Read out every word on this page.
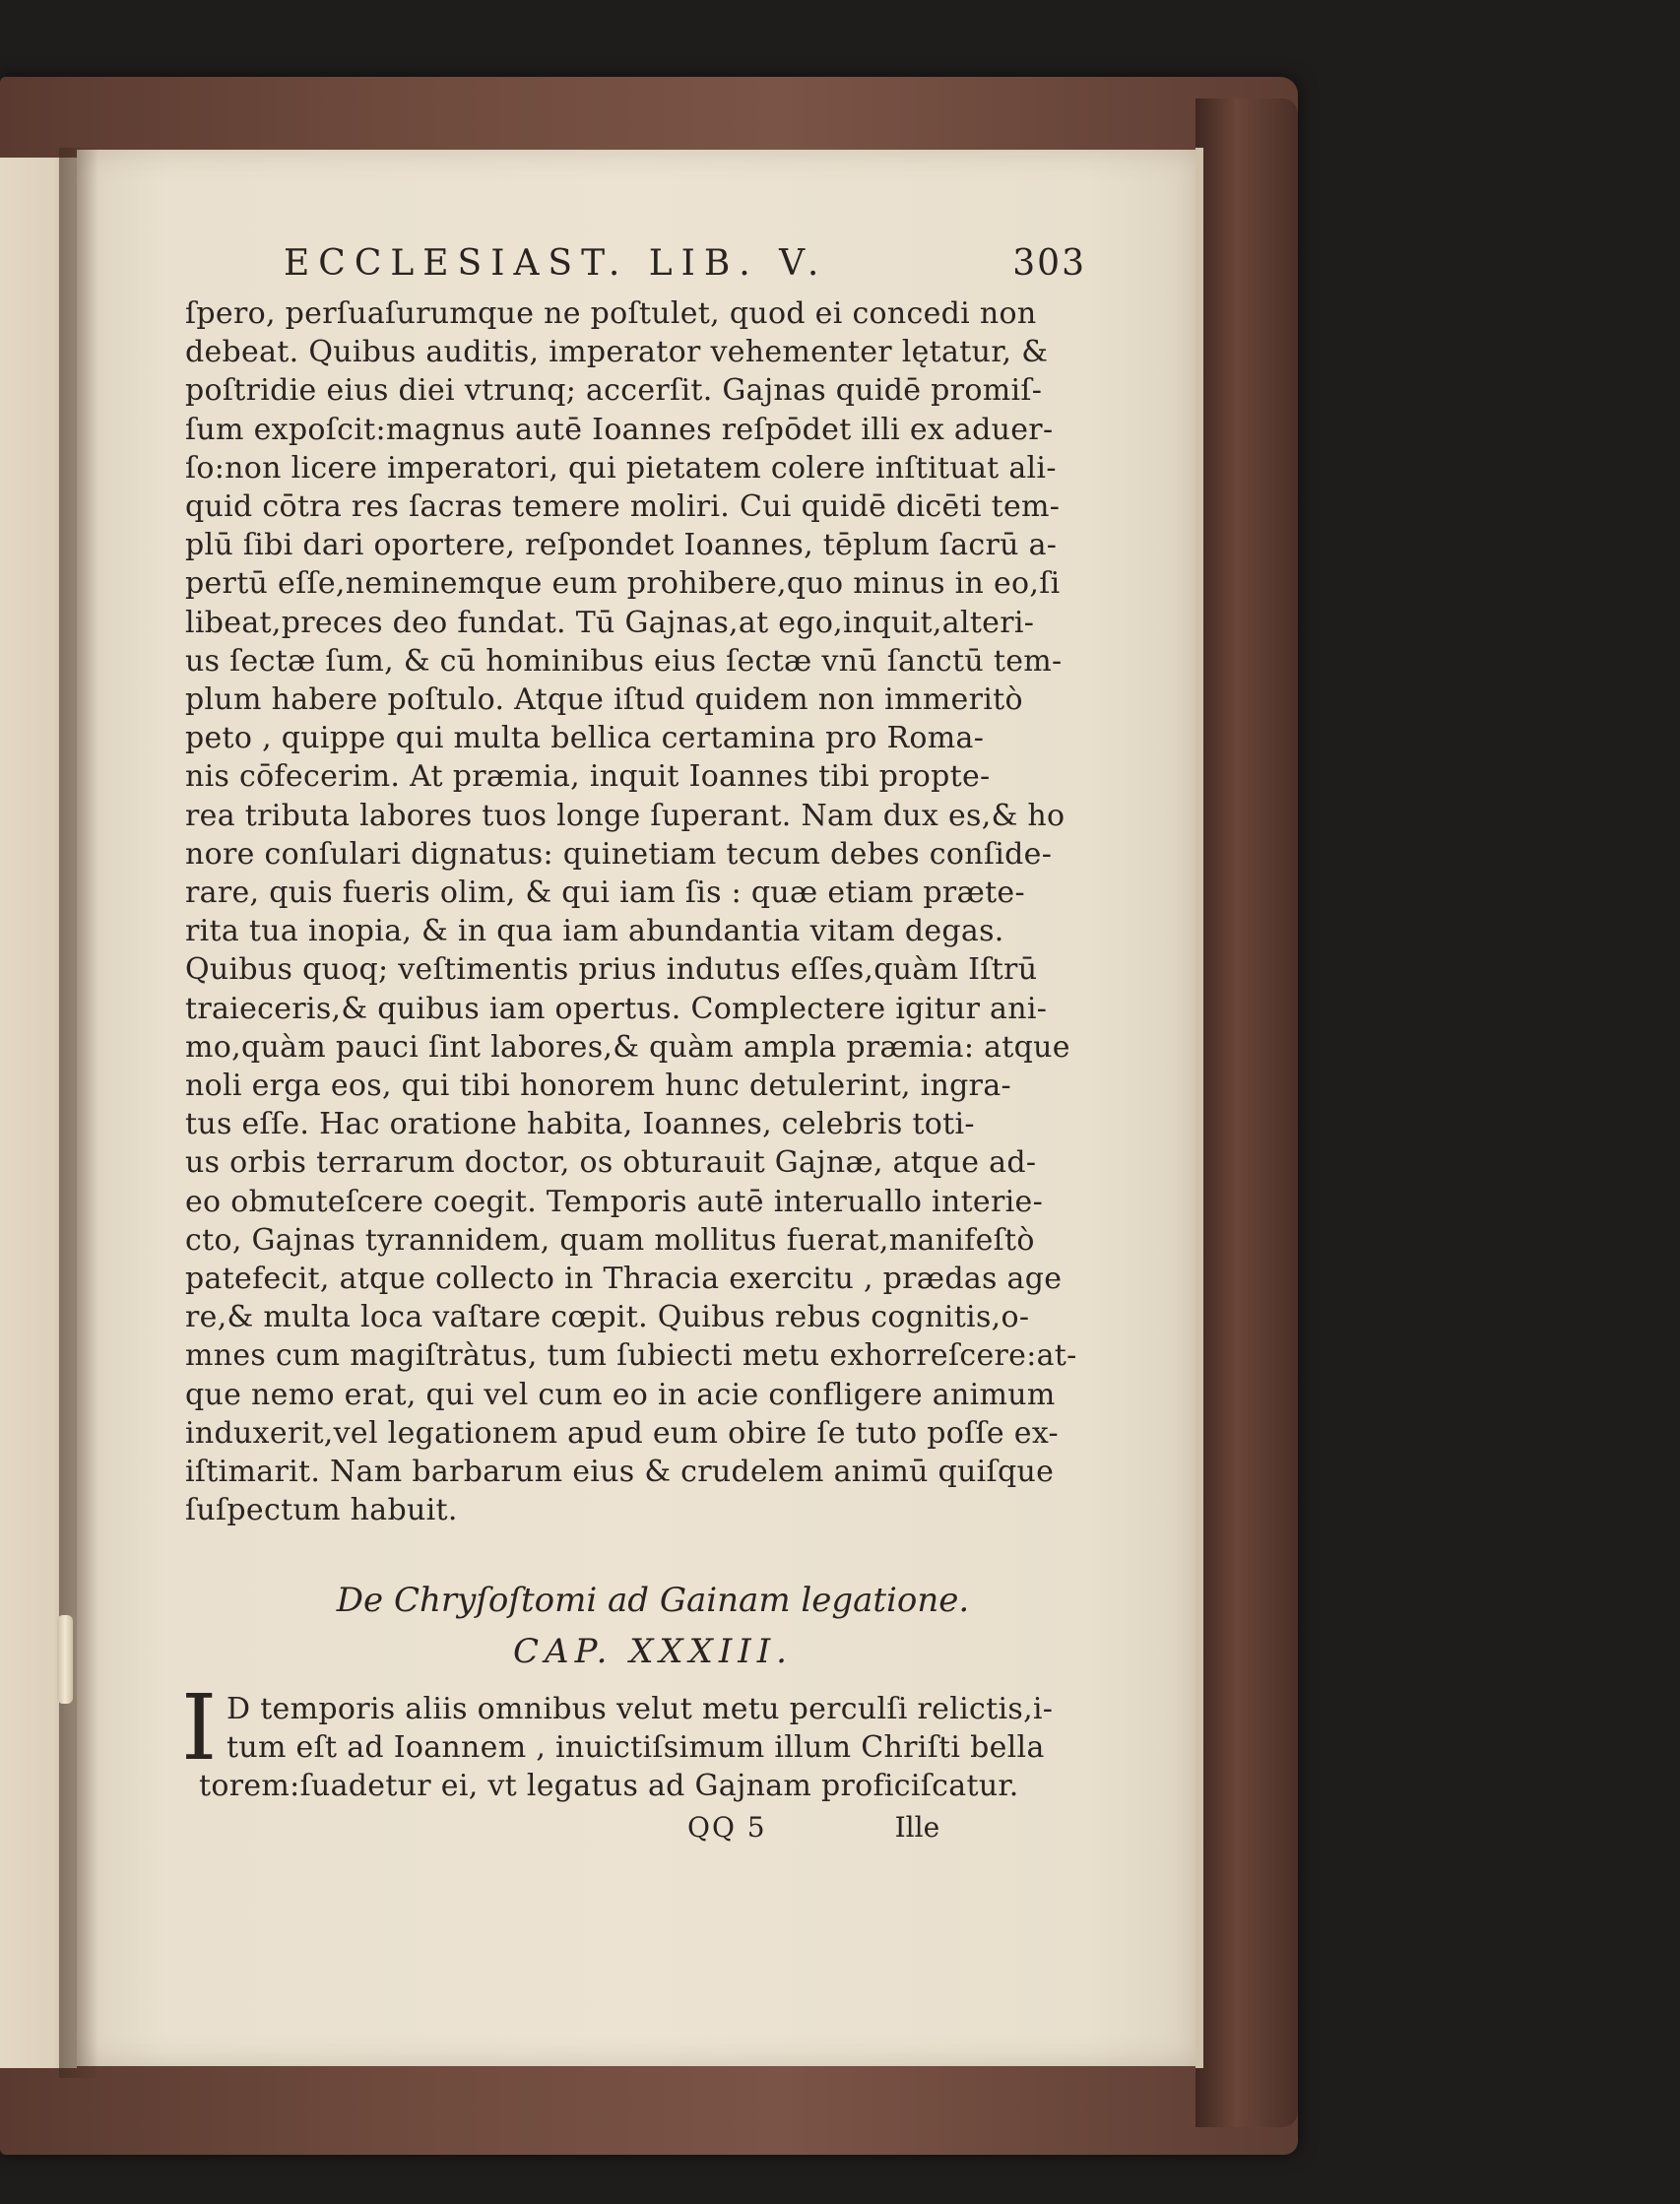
ECCLESIAST. LIB. V.	303
ſpero, perſuaſurumque ne poſtulet, quod ei concedi non
debeat. Quibus auditis, imperator vehementer lętatur, &
poſtridie eius diei vtrunq; accerſit. Gajnas quidē promiſ-
ſum expoſcit:magnus autē Ioannes reſpōdet illi ex aduer-
ſo:non licere imperatori, qui pietatem colere inſtituat ali-
quid cōtra res ſacras temere moliri. Cui quidē dicēti tem-
plū ſibi dari oportere, reſpondet Ioannes, tēplum ſacrū a-
pertū eſſe,neminemque eum prohibere,quo minus in eo,ſi
libeat,preces deo fundat. Tū Gajnas,at ego,inquit,alteri-
us ſectæ ſum, & cū hominibus eius ſectæ vnū ſanctū tem-
plum habere poſtulo. Atque iſtud quidem non immeritò
peto , quippe qui multa bellica certamina pro Roma-
nis cōfecerim. At præmia, inquit Ioannes tibi propte-
rea tributa labores tuos longe ſuperant. Nam dux es,& ho
nore conſulari dignatus: quinetiam tecum debes conſide-
rare, quis fueris olim, & qui iam ſis : quæ etiam præte-
rita tua inopia, & in qua iam abundantia vitam degas.
Quibus quoq; veſtimentis prius indutus eſſes,quàm Iſtrū
traieceris,& quibus iam opertus. Complectere igitur ani-
mo,quàm pauci ſint labores,& quàm ampla præmia: atque
noli erga eos, qui tibi honorem hunc detulerint, ingra-
tus eſſe. Hac oratione habita, Ioannes, celebris toti-
us orbis terrarum doctor, os obturauit Gajnæ, atque ad-
eo obmuteſcere coegit. Temporis autē interuallo interie-
cto, Gajnas tyrannidem, quam mollitus fuerat,manifeſtò
patefecit, atque collecto in Thracia exercitu , prædas age
re,& multa loca vaſtare cœpit. Quibus rebus cognitis,o-
mnes cum magiſtràtus, tum ſubiecti metu exhorreſcere:at-
que nemo erat, qui vel cum eo in acie confligere animum
induxerit,vel legationem apud eum obire ſe tuto poſſe ex-
iſtimarit. Nam barbarum eius & crudelem animū quiſque
ſuſpectum habuit.
De Chryſoſtomi ad Gainam legatione.
CAP. XXXIII.
I D temporis aliis omnibus velut metu perculſi relictis,i-
tum eſt ad Ioannem , inuictiſsimum illum Chriſti bella
torem:ſuadetur ei, vt legatus ad Gajnam proficiſcatur.
QQ 5	Ille
